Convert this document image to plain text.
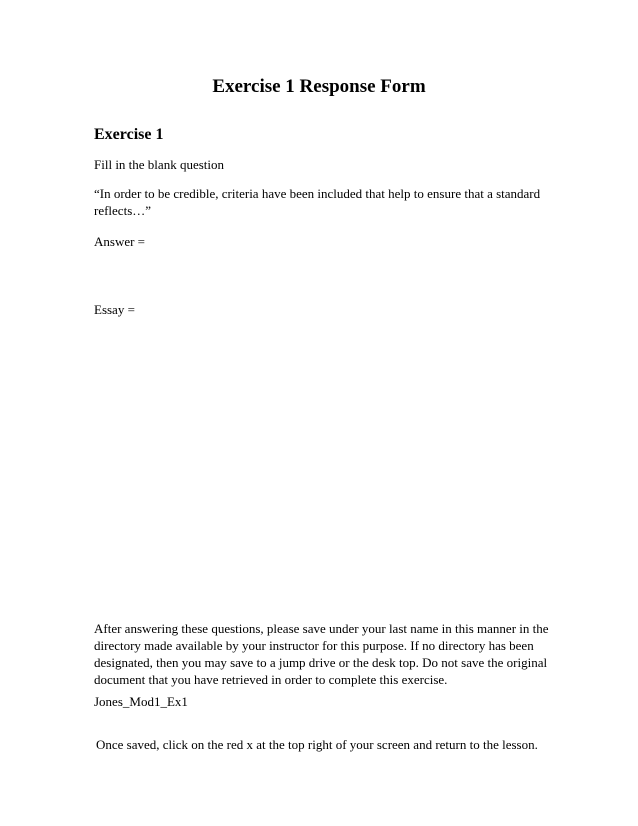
Exercise 1 Response Form
Exercise 1
Fill in the blank question
“In order to be credible, criteria have been included that help to ensure that a standard
reflects…”
Answer =
Essay =
After answering these questions, please save under your last name in this manner in the
directory made available by your instructor for this purpose. If no directory has been
designated, then you may save to a jump drive or the desk top. Do not save the original
document that you have retrieved in order to complete this exercise.
Jones_Mod1_Ex1
Once saved, click on the red x at the top right of your screen and return to the lesson.
